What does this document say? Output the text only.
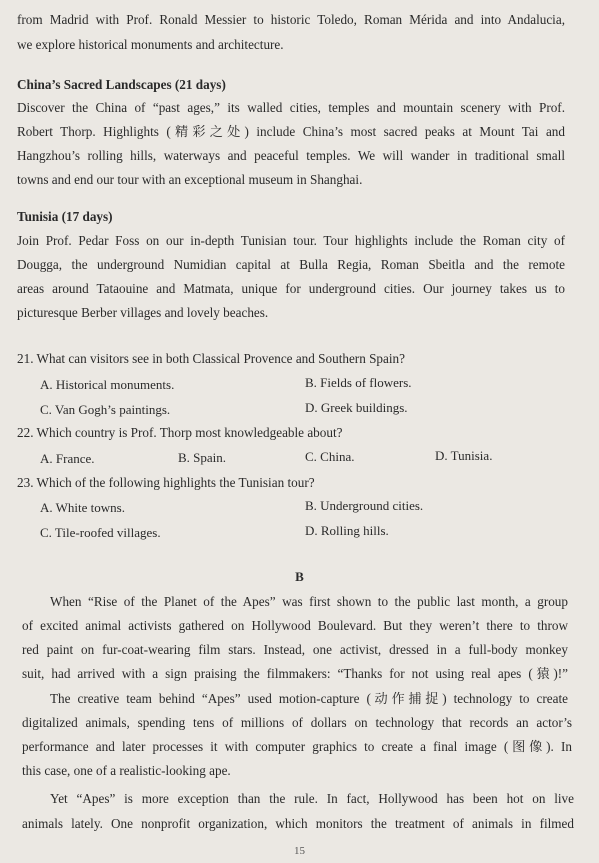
from Madrid with Prof. Ronald Messier to historic Toledo, Roman Mérida and into Andalucia,
we explore historical monuments and architecture.
China’s Sacred Landscapes (21 days)
Discover the China of “past ages,” its walled cities, temples and mountain scenery with Prof.
Robert Thorp. Highlights (精彩之处) include China’s most sacred peaks at Mount Tai and
Hangzhou’s rolling hills, waterways and peaceful temples. We will wander in traditional small
towns and end our tour with an exceptional museum in Shanghai.
Tunisia (17 days)
Join Prof. Pedar Foss on our in-depth Tunisian tour. Tour highlights include the Roman city of
Dougga, the underground Numidian capital at Bulla Regia, Roman Sbeitla and the remote
areas around Tataouine and Matmata, unique for underground cities. Our journey takes us to
picturesque Berber villages and lovely beaches.
21. What can visitors see in both Classical Provence and Southern Spain?
A. Historical monuments.	B. Fields of flowers.
C. Van Gogh’s paintings.	D. Greek buildings.
22. Which country is Prof. Thorp most knowledgeable about?
A. France.	B. Spain.	C. China.	D. Tunisia.
23. Which of the following highlights the Tunisian tour?
A. White towns.	B. Underground cities.
C. Tile-roofed villages.	D. Rolling hills.
B
When “Rise of the Planet of the Apes” was first shown to the public last month, a group
of excited animal activists gathered on Hollywood Boulevard. But they weren’t there to throw
red paint on fur-coat-wearing film stars. Instead, one activist, dressed in a full-body monkey
suit, had arrived with a sign praising the filmmakers: “Thanks for not using real apes (猿)!”
The creative team behind “Apes” used motion-capture (动作捕捉) technology to create
digitalized animals, spending tens of millions of dollars on technology that records an actor’s
performance and later processes it with computer graphics to create a final image (图像). In
this case, one of a realistic-looking ape.
Yet “Apes” is more exception than the rule. In fact, Hollywood has been hot on live
animals lately. One nonprofit organization, which monitors the treatment of animals in filmed
15
